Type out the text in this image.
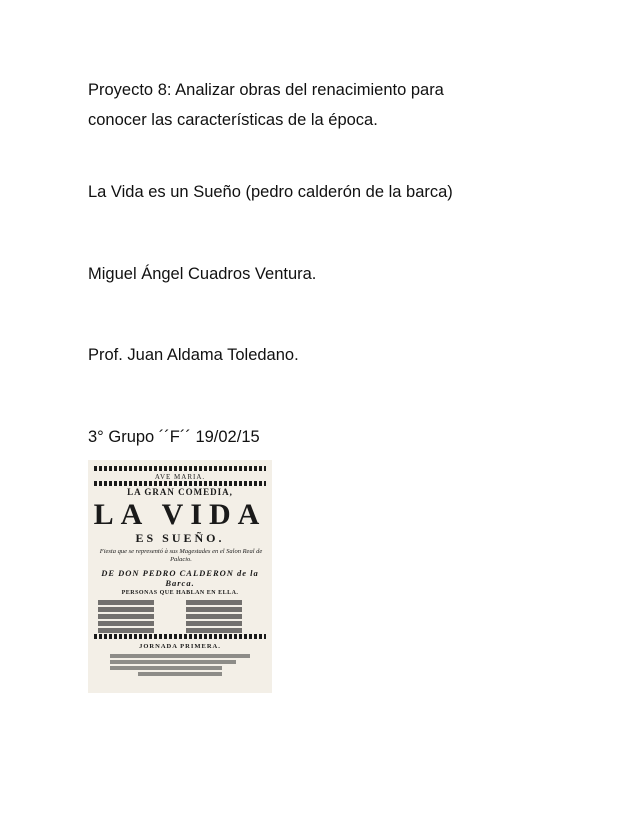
Proyecto 8: Analizar obras del renacimiento para
conocer las características de la época.
La Vida es un Sueño (pedro calderón de la barca)
Miguel Ángel Cuadros Ventura.
Prof. Juan Aldama Toledano.
3° Grupo ´´F´´ 19/02/15
AVE MARIA.
LA GRAN COMEDIA,
LA VIDA
ES SUEÑO.
Fiesta que se representó à sus Magestades en el Salon Real de Palacio.
DE DON PEDRO CALDERON de la Barca.
PERSONAS QUE HABLAN EN ELLA.
JORNADA PRIMERA.
